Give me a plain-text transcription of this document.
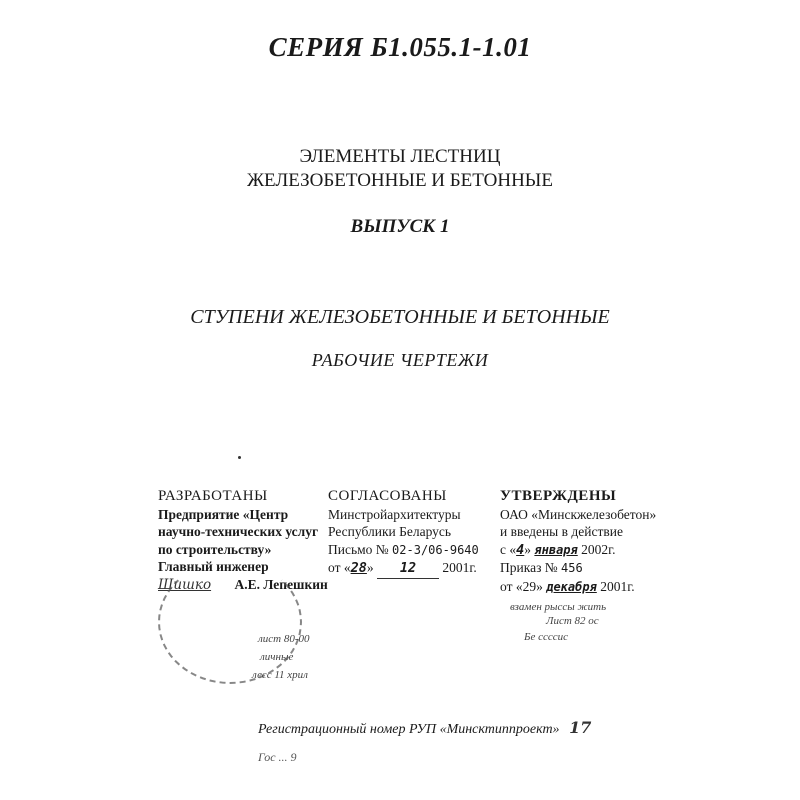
СЕРИЯ Б1.055.1-1.01
ЭЛЕМЕНТЫ ЛЕСТНИЦ
ЖЕЛЕЗОБЕТОННЫЕ И БЕТОННЫЕ
ВЫПУСК 1
СТУПЕНИ ЖЕЛЕЗОБЕТОННЫЕ И БЕТОННЫЕ
РАБОЧИЕ ЧЕРТЕЖИ
РАЗРАБОТАНЫ
Предприятие «Центр
научно-технических услуг
по строительству»
Главный инженер
Шишко А.Е. Лепешкин
лист 80-00
личные
лесс 11 хрил
СОГЛАСОВАНЫ
Минстройархитектуры
Республики Беларусь
Письмо № 02-3/06-9640
от «28» 12 2001г.
УТВЕРЖДЕНЫ
ОАО «Минскжелезобетон»
и введены в действие
с «4» января 2002г.
Приказ № 456
от «29» декабря 2001г.
взамен рыссы жить
Лист 82 ос
Бе ссссис
Регистрационный номер РУП «Минсктиппроект» 17
Гос ... 9
